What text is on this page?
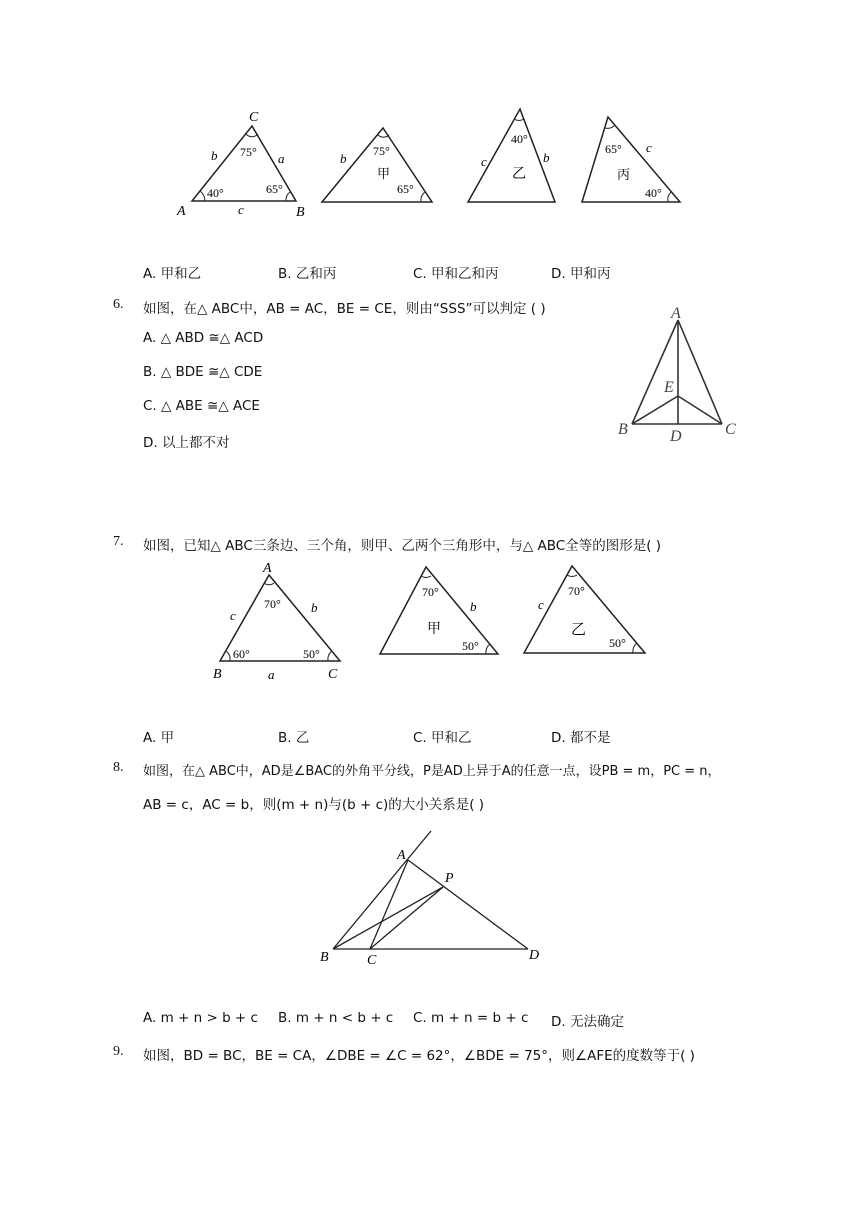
C
A	B
b	a
c
75°
40°	65°
b 75°
甲
65°
40°
c	b
乙
65° c
丙
40°
A. 甲和乙	B. 乙和丙	C. 甲和乙和丙	D. 甲和丙
6. 如图，在△ ABC中，AB = AC，BE = CE，则由“SSS”可以判定 ( )
A. △ ABD ≅△ ACD
B. △ BDE ≅△ CDE
C. △ ABE ≅△ ACE
D. 以上都不对
A
E
B	D	C
7. 如图，已知△ ABC三条边、三个角，则甲、乙两个三角形中，与△ ABC全等的图形是( )
A
B	C
c
b
a
70°
60°	50°
70°
b
甲
50°
70°
c
乙
50°
A. 甲	B. 乙	C. 甲和乙	D. 都不是
8. 如图，在△ ABC中，AD是∠BAC的外角平分线，P是AD上异于A的任意一点，设PB = m，PC = n，
AB = c，AC = b，则(m + n)与(b + c)的大小关系是( )
A
P
B	C	D
A. m + n > b + c B. m + n < b + c C. m + n = b + c D. 无法确定
9. 如图，BD = BC，BE = CA，∠DBE = ∠C = 62°，∠BDE = 75°，则∠AFE的度数等于( )
